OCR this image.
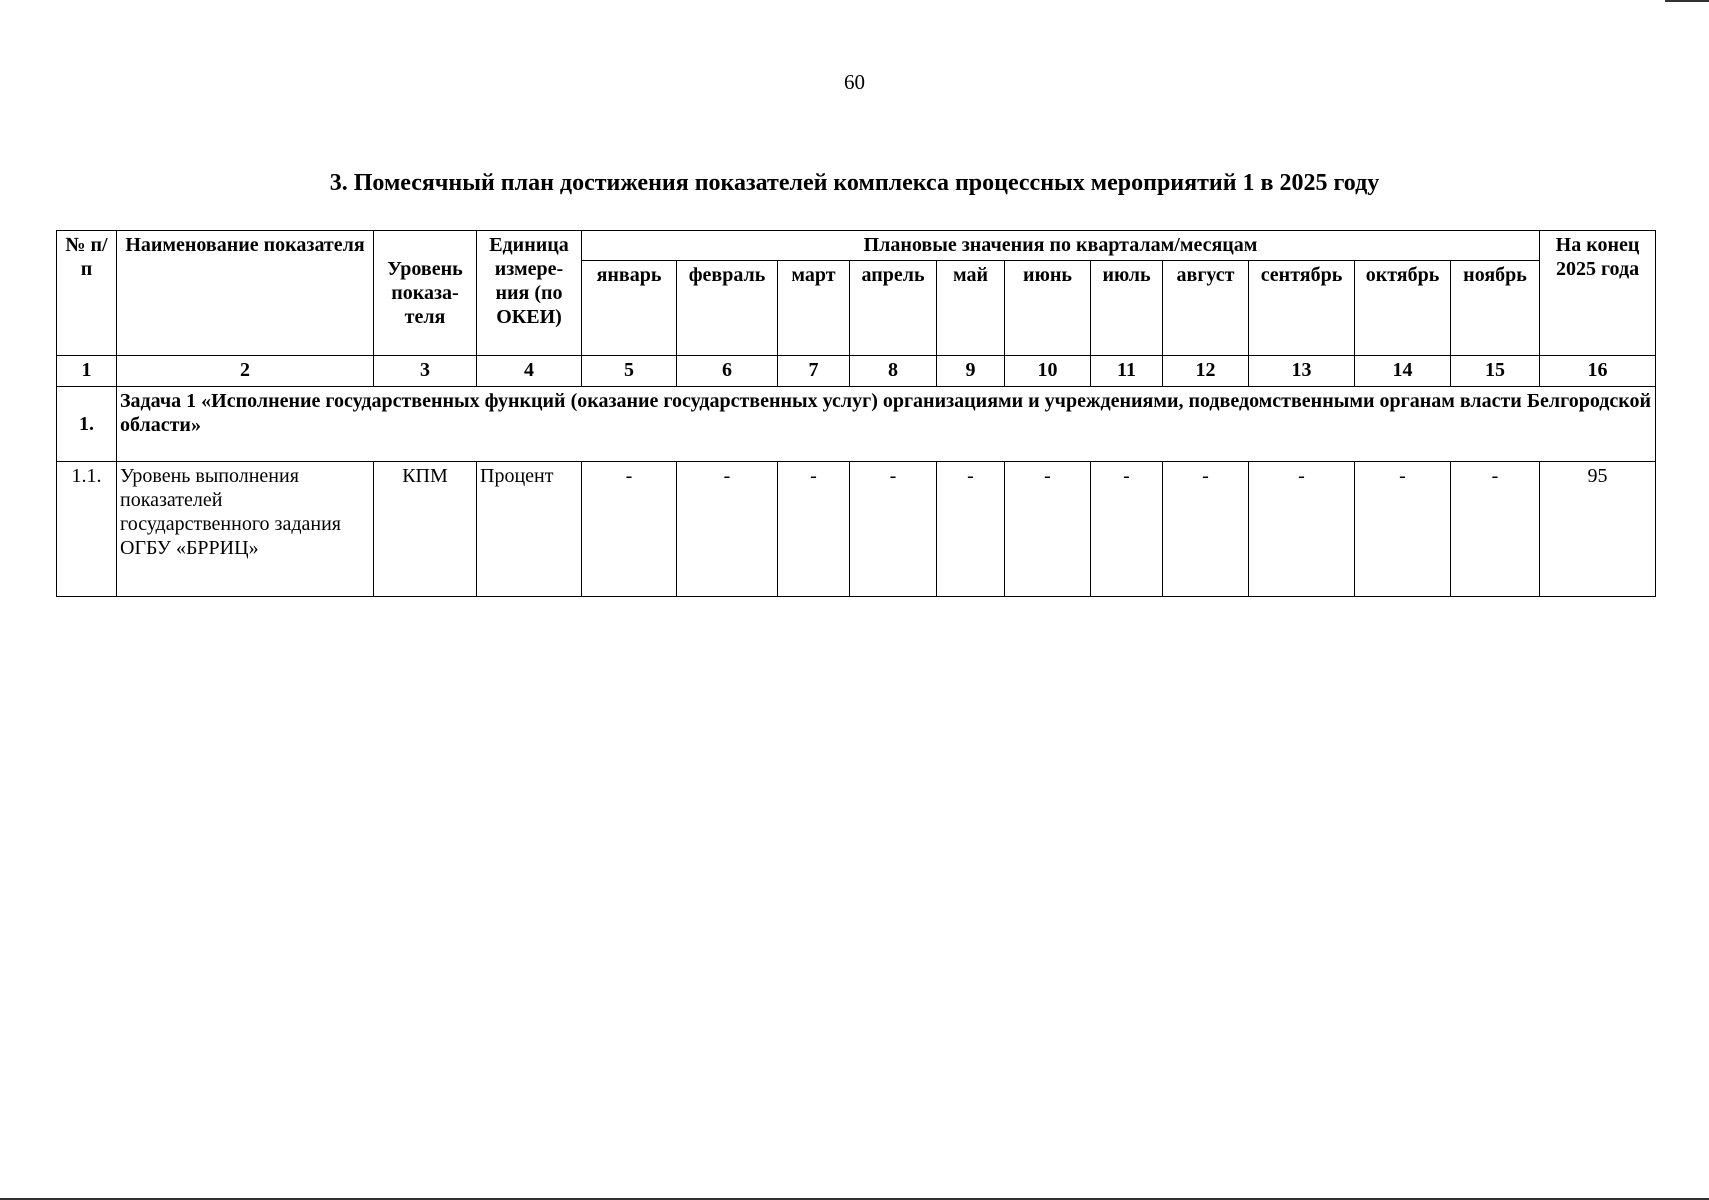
60
3. Помесячный план достижения показателей комплекса процессных мероприятий 1 в 2025 году
№ п/п	Наименование показателя	Уровень показа-теля	Единица измере-ния (по ОКЕИ)	Плановые значения по кварталам/месяцам											На конец 2025 года
				январь	февраль	март	апрель	май	июнь	июль	август	сентябрь	октябрь	ноябрь	
1	2	3	4	5	6	7	8	9	10	11	12	13	14	15	16
1.	Задача 1 «Исполнение государственных функций (оказание государственных услуг) организациями и учреждениями, подведомственными органам власти Белгородской области»														
1.1.	Уровень выполнения показателей государственного задания ОГБУ «БРРИЦ»	КПМ	Процент	-	-	-	-	-	-	-	-	-	-	-	95
